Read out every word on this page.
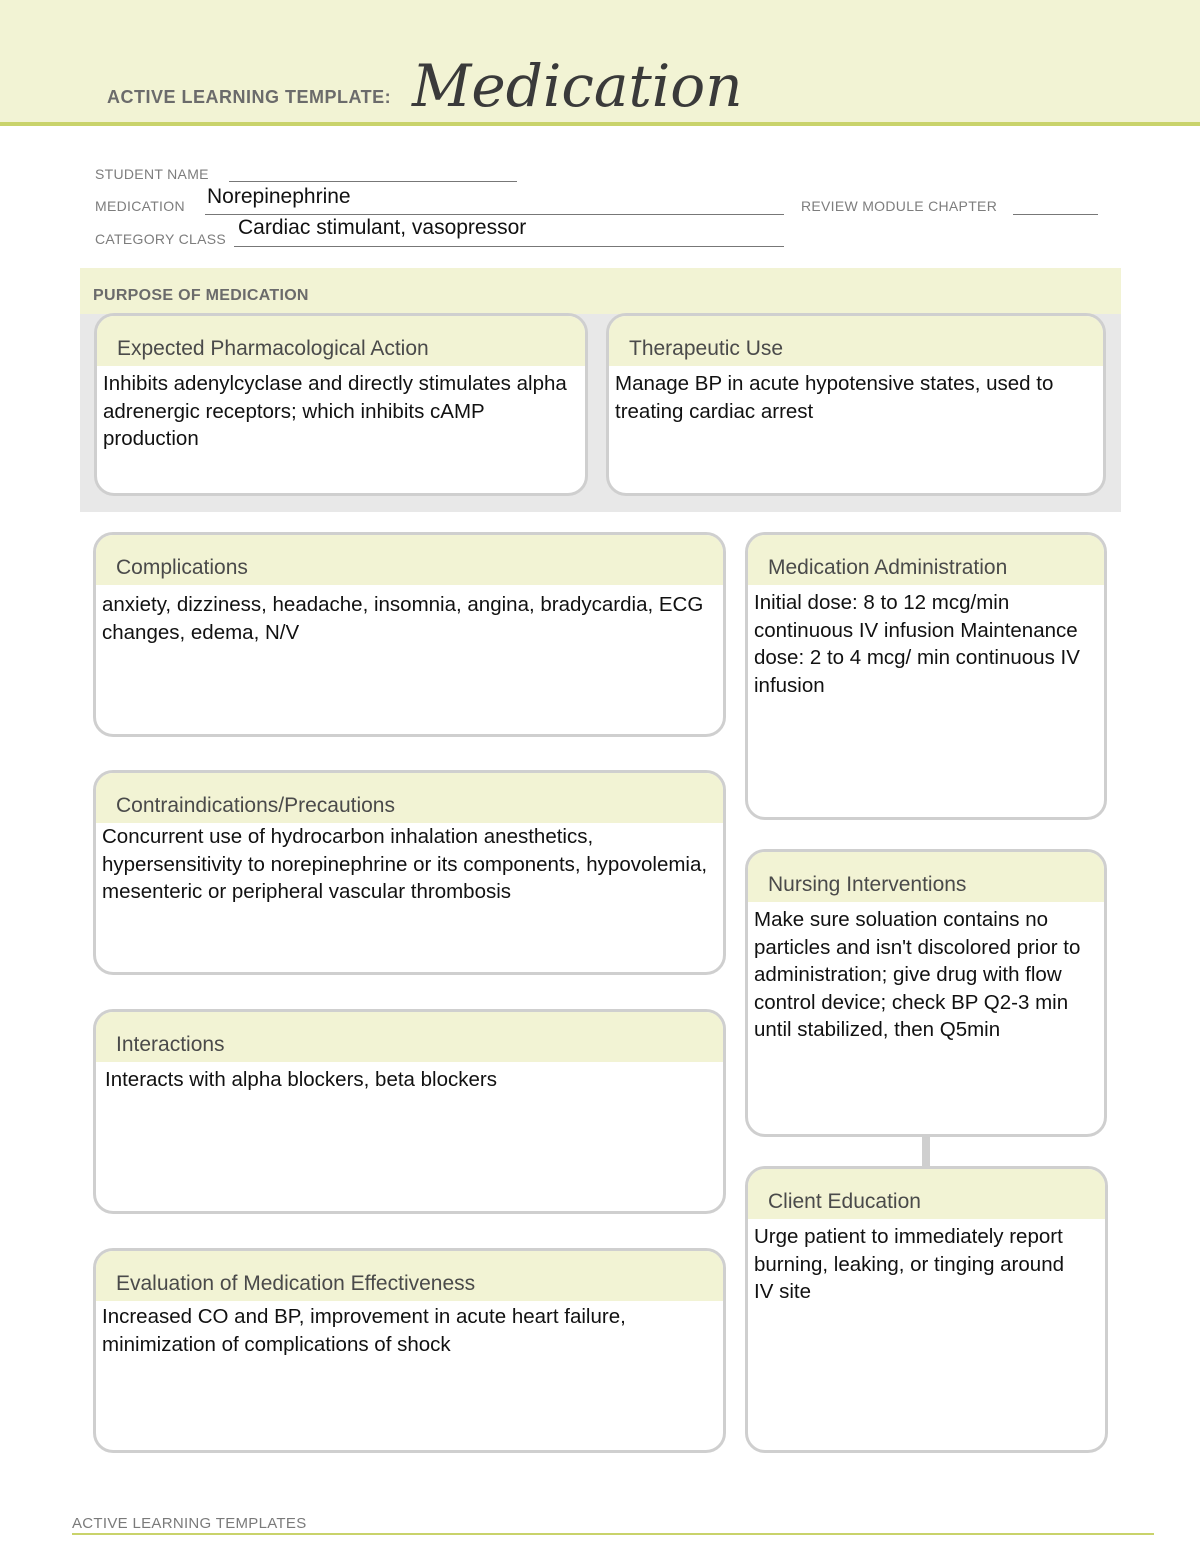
ACTIVE LEARNING TEMPLATE: Medication
STUDENT NAME
MEDICATION Norepinephrine	REVIEW MODULE CHAPTER
CATEGORY CLASS Cardiac stimulant, vasopressor
PURPOSE OF MEDICATION
Expected Pharmacological Action
Inhibits adenylcyclase and directly stimulates alpha adrenergic receptors; which inhibits cAMP production
Therapeutic Use
Manage BP in acute hypotensive states, used to treating cardiac arrest
Complications
anxiety, dizziness, headache, insomnia, angina, bradycardia, ECG changes, edema, N/V
Contraindications/Precautions
Concurrent use of hydrocarbon inhalation anesthetics, hypersensitivity to norepinephrine or its components, hypovolemia, mesenteric or peripheral vascular thrombosis
Interactions
Interacts with alpha blockers, beta blockers
Evaluation of Medication Effectiveness
Increased CO and BP, improvement in acute heart failure, minimization of complications of shock
Medication Administration
Initial dose: 8 to 12 mcg/min continuous IV infusion Maintenance dose: 2 to 4 mcg/ min continuous IV infusion
Nursing Interventions
Make sure soluation contains no particles and isn't discolored prior to administration; give drug with flow control device; check BP Q2-3 min until stabilized, then Q5min
Client Education
Urge patient to immediately report burning, leaking, or tinging around IV site
ACTIVE LEARNING TEMPLATES
